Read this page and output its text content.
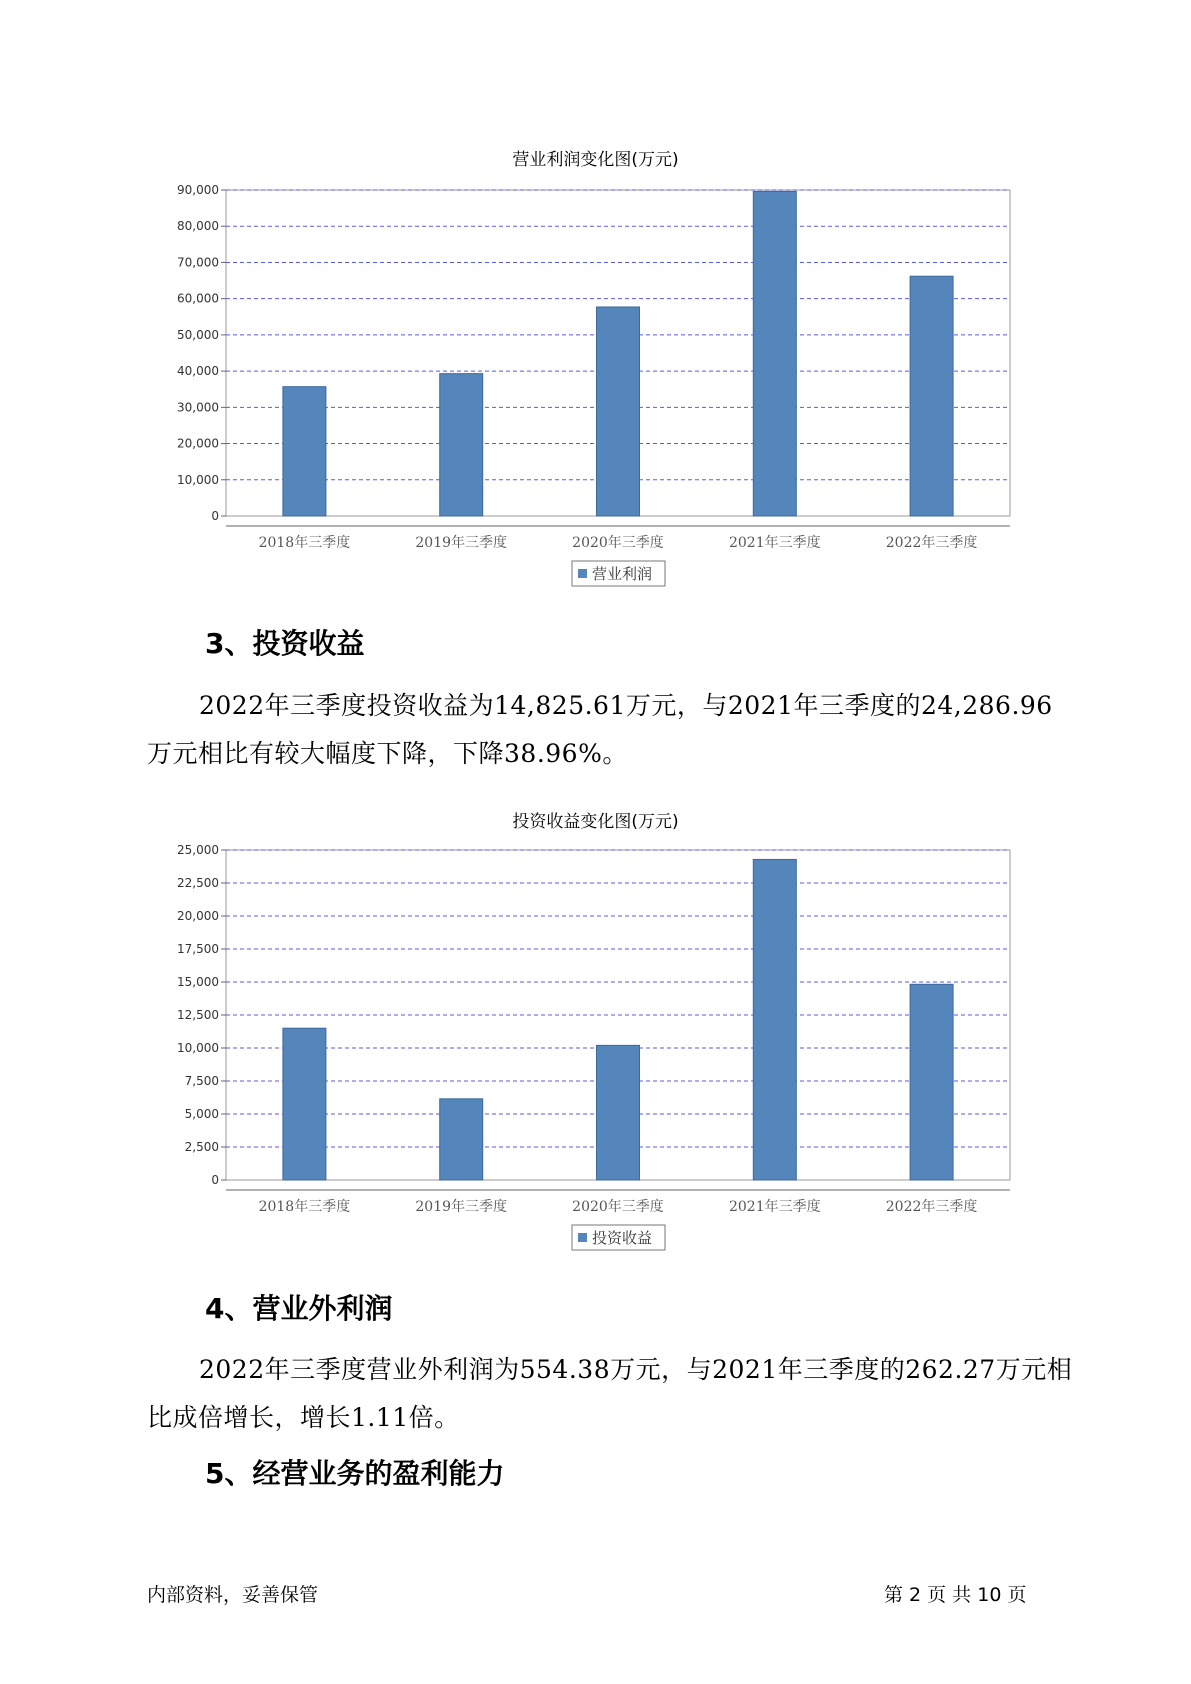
营业利润变化图(万元)
0
10,000
20,000
30,000
40,000
50,000
60,000
70,000
80,000
90,000
2018年三季度	2019年三季度	2020年三季度	2021年三季度	2022年三季度
营业利润
3、投资收益
2022年三季度投资收益为14,825.61万元，与2021年三季度的24,286.96万元相比有较大幅度下降，下降38.96%。
投资收益变化图(万元)
0
2,500
5,000
7,500
10,000
12,500
15,000
17,500
20,000
22,500
25,000
2018年三季度	2019年三季度	2020年三季度	2021年三季度	2022年三季度
投资收益
4、营业外利润
2022年三季度营业外利润为554.38万元，与2021年三季度的262.27万元相比成倍增长，增长1.11倍。
5、经营业务的盈利能力
内部资料，妥善保管	第 2 页 共 10 页
